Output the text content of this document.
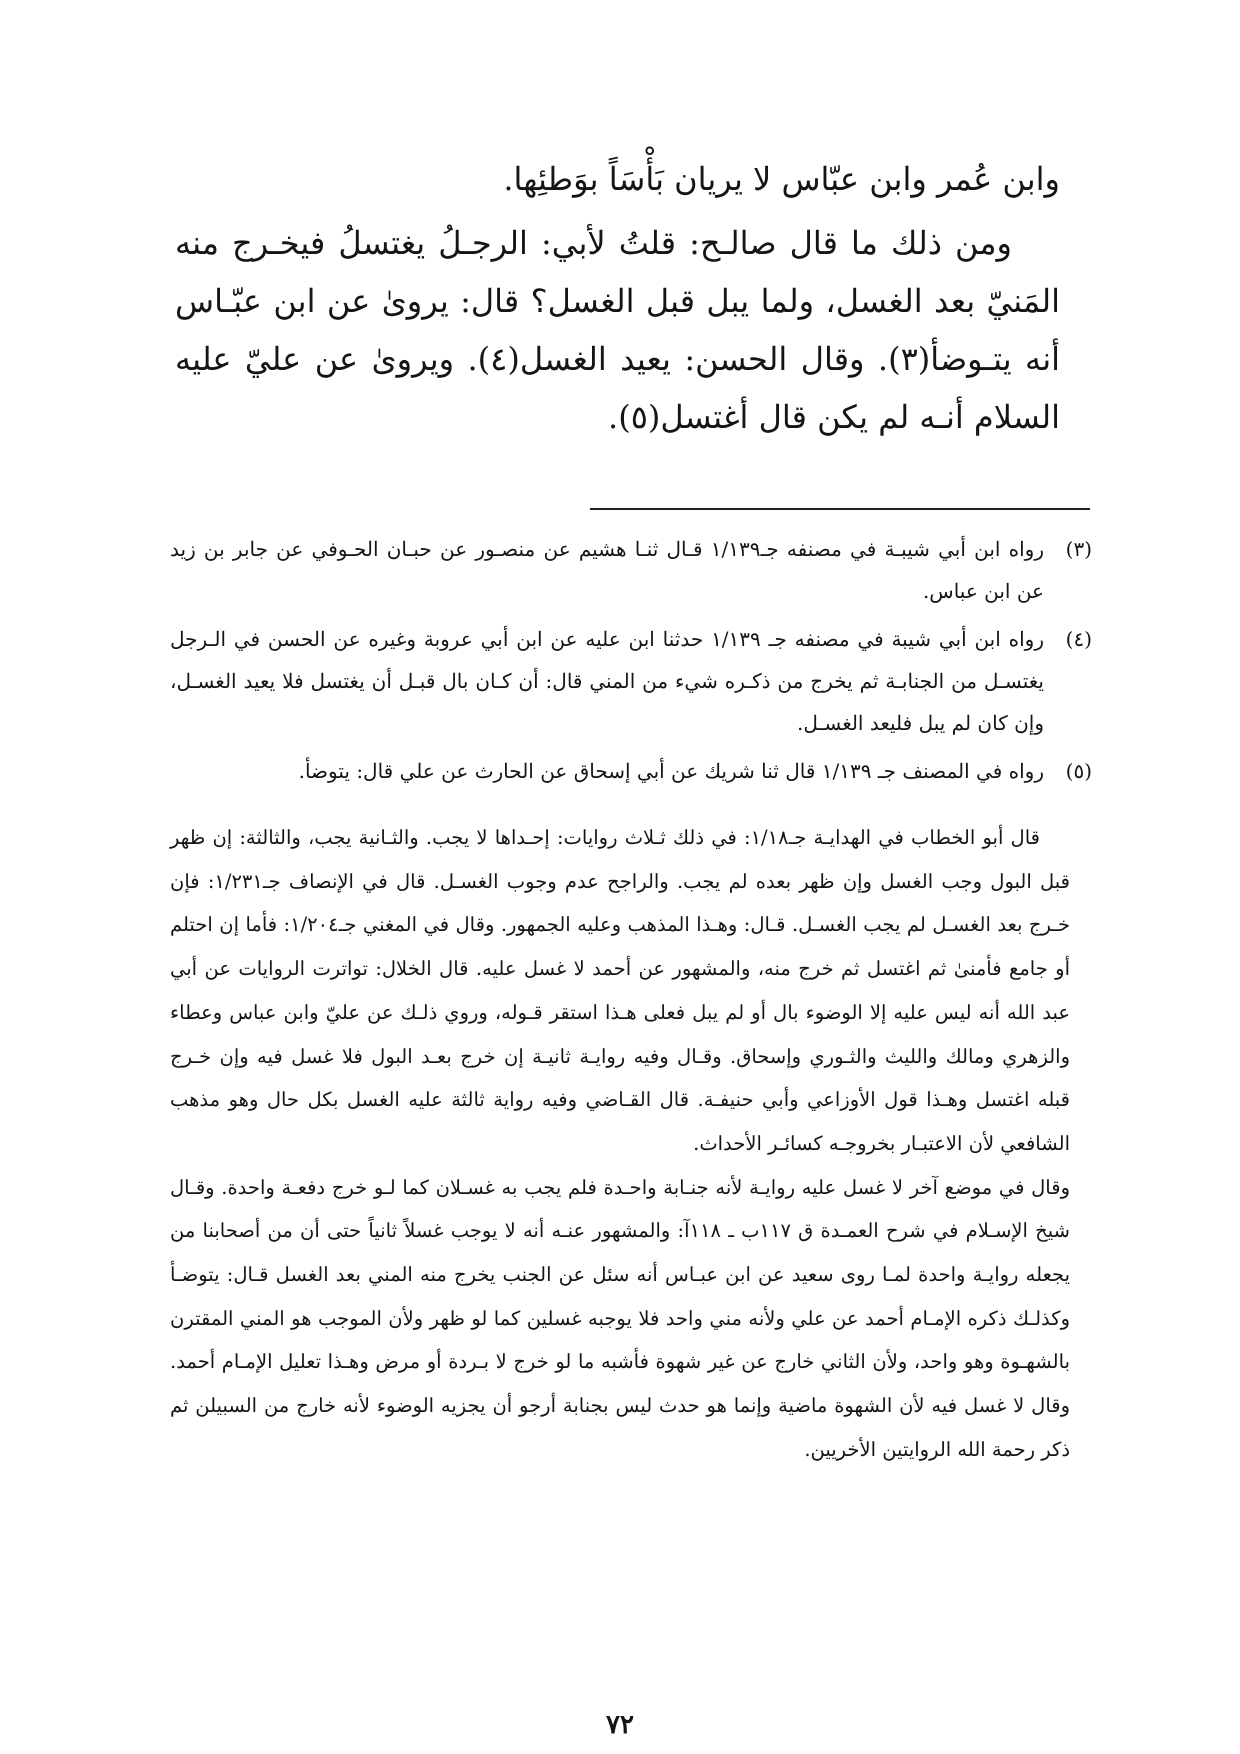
وابن عُمر وابن عبّاس لا يريان بَأْسَاً بوَطئِها.
ومن ذلك ما قال صالـح: قلتُ لأبي: الرجـلُ يغتسلُ فيخـرج منه المَنيّ بعد الغسل، ولما يبل قبل الغسل؟ قال: يروىٰ عن ابن عبّـاس أنه يتـوضأ(٣). وقال الحسن: يعيد الغسل(٤). ويروىٰ عن عليّ عليه السلام أنـه لم يكن قال أغتسل(٥).
(٣)
رواه ابن أبي شيبـة في مصنفه جـ١/١٣٩ قـال ثنـا هشيم عن منصـور عن حبـان الحـوفي عن جابر بن زيد عن ابن عباس.
(٤)
رواه ابن أبي شيبة في مصنفه جـ ١/١٣٩ حدثنا ابن عليه عن ابن أبي عروبة وغيره عن الحسن في الـرجل يغتسـل من الجنابـة ثم يخرج من ذكـره شيء من المني قال: أن كـان بال قبـل أن يغتسل فلا يعيد الغسـل، وإن كان لم يبل فليعد الغسـل.
(٥)
رواه في المصنف جـ ١/١٣٩ قال ثنا شريك عن أبي إسحاق عن الحارث عن علي قال: يتوضأ.

قال أبو الخطاب في الهدايـة جـ١/١٨: في ذلك ثـلاث روايات: إحـداها لا يجب. والثـانية يجب، والثالثة: إن ظهر قبل البول وجب الغسل وإن ظهر بعده لم يجب. والراجح عدم وجوب الغسـل. قال في الإنصاف جـ١/٢٣١: فإن خـرج بعد الغسـل لم يجب الغسـل. قـال: وهـذا المذهب وعليه الجمهور. وقال في المغني جـ١/٢٠٤: فأما إن احتلم أو جامع فأمنىٰ ثم اغتسل ثم خرج منه، والمشهور عن أحمد لا غسل عليه. قال الخلال: تواترت الروايات عن أبي عبد الله أنه ليس عليه إلا الوضوء بال أو لم يبل فعلى هـذا استقر قـوله، وروي ذلـك عن عليّ وابن عباس وعطاء والزهري ومالك والليث والثـوري وإسحاق. وقـال وفيه روايـة ثانيـة إن خرج بعـد البول فلا غسل فيه وإن خـرج قبله اغتسل وهـذا قول الأوزاعي وأبي حنيفـة. قال القـاضي وفيه رواية ثالثة عليه الغسل بكل حال وهو مذهب الشافعي لأن الاعتبـار بخروجـه كسائـر الأحداث.

وقال في موضع آخر لا غسل عليه روايـة لأنه جنـابة واحـدة فلم يجب به غسـلان كما لـو خرج دفعـة واحدة. وقـال شيخ الإسـلام في شرح العمـدة ق ١١٧ب ـ ١١٨آ: والمشهور عنـه أنه لا يوجب غسلاً ثانياً حتى أن من أصحابنا من يجعله روايـة واحدة لمـا روى سعيد عن ابن عبـاس أنه سئل عن الجنب يخرج منه المني بعد الغسل قـال: يتوضـأ وكذلـك ذكره الإمـام أحمد عن علي ولأنه مني واحد فلا يوجبه غسلين كما لو ظهر ولأن الموجب هو المني المقترن بالشهـوة وهو واحد، ولأن الثاني خارج عن غير شهوة فأشبه ما لو خرج لا بـردة أو مرض وهـذا تعليل الإمـام أحمد. وقال لا غسل فيه لأن الشهوة ماضية وإنما هو حدث ليس بجنابة أرجو أن يجزيه الوضوء لأنه خارج من السبيلن ثم ذكر رحمة الله الروايتين الأخريين.

٧٢
